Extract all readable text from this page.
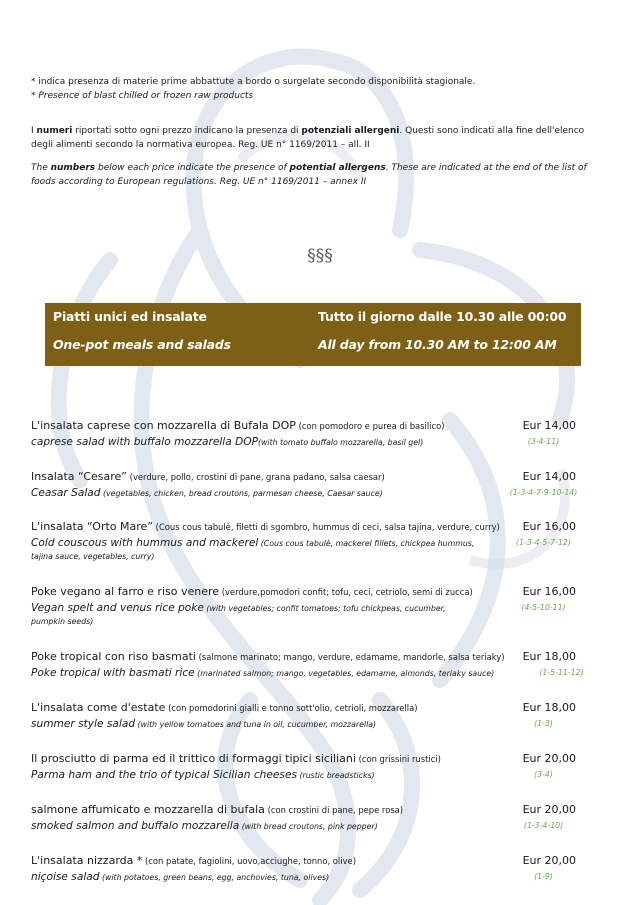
* indica presenza di materie prime abbattute a bordo o surgelate secondo disponibilità stagionale.
* Presence of blast chilled or frozen raw products
I numeri riportati sotto ogni prezzo indicano la presenza di potenziali allergeni. Questi sono indicati alla fine dell'elenco degli alimenti secondo la normativa europea. Reg. UE n° 1169/2011 – all. II
The numbers below each price indicate the presence of potential allergens. These are indicated at the end of the list of foods according to European regulations. Reg. UE n° 1169/2011 – annex II
§§§
Piatti unici ed insalate
One-pot meals and salads
Tutto il giorno dalle 10.30 alle 00:00
All day from 10.30 AM to 12:00 AM
L'insalata caprese con mozzarella di Bufala DOP (con pomodoro e purea di basilico)
caprese salad with buffalo mozzarella DOP(with tomato buffalo mozzarella, basil gel)
Eur 14,00
(3-4-11)
Insalata “Cesare” (verdure, pollo, crostini di pane, grana padano, salsa caesar)
Ceasar Salad (vegetables, chicken, bread croutons, parmesan cheese, Caesar sauce)
Eur 14,00
(1-3-4-7-9-10-14)
L'insalata “Orto Mare” (Cous cous tabulè, filetti di sgombro, hummus di ceci, salsa tajina, verdure, curry)
Cold couscous with hummus and mackerel (Cous cous tabulè, mackerel fillets, chickpea hummus,
tajina sauce, vegetables, curry)
Eur 16,00
(1-3-4-5-7-12)
Poke vegano al farro e riso venere (verdure,pomodori confit; tofu, ceci, cetriolo, semi di zucca)
Vegan spelt and venus rice poke (with vegetables; confit tomatoes; tofu chickpeas, cucumber,
pumpkin seeds)
Eur 16,00
(4-5-10-11)
Poke tropical con riso basmati (salmone marinato; mango, verdure, edamame, mandorle, salsa teriaky)
Poke tropical with basmati rice (marinated salmon; mango, vegetables, edamame, almonds, teriaky sauce)
Eur 18,00
(1-5-11-12)
L'insalata come d'estate (con pomodorini gialli e tonno sott'olio, cetrioli, mozzarella)
summer style salad (with yellow tomatoes and tuna in oil, cucumber, mozzarella)
Eur 18,00
(1-3)
Il prosciutto di parma ed il trittico di formaggi tipici siciliani (con grissini rustici)
Parma ham and the trio of typical Sicilian cheeses (rustic breadsticks)
Eur 20,00
(3-4)
salmone affumicato e mozzarella di bufala (con crostini di pane, pepe rosa)
smoked salmon and buffalo mozzarella (with bread croutons, pink pepper)
Eur 20,00
(1-3-4-10)
L'insalata nizzarda * (con patate, fagiolini, uovo,acciughe, tonno, olive)
niçoise salad (with potatoes, green beans, egg, anchovies, tuna, olives)
Eur 20,00
(1-9)
